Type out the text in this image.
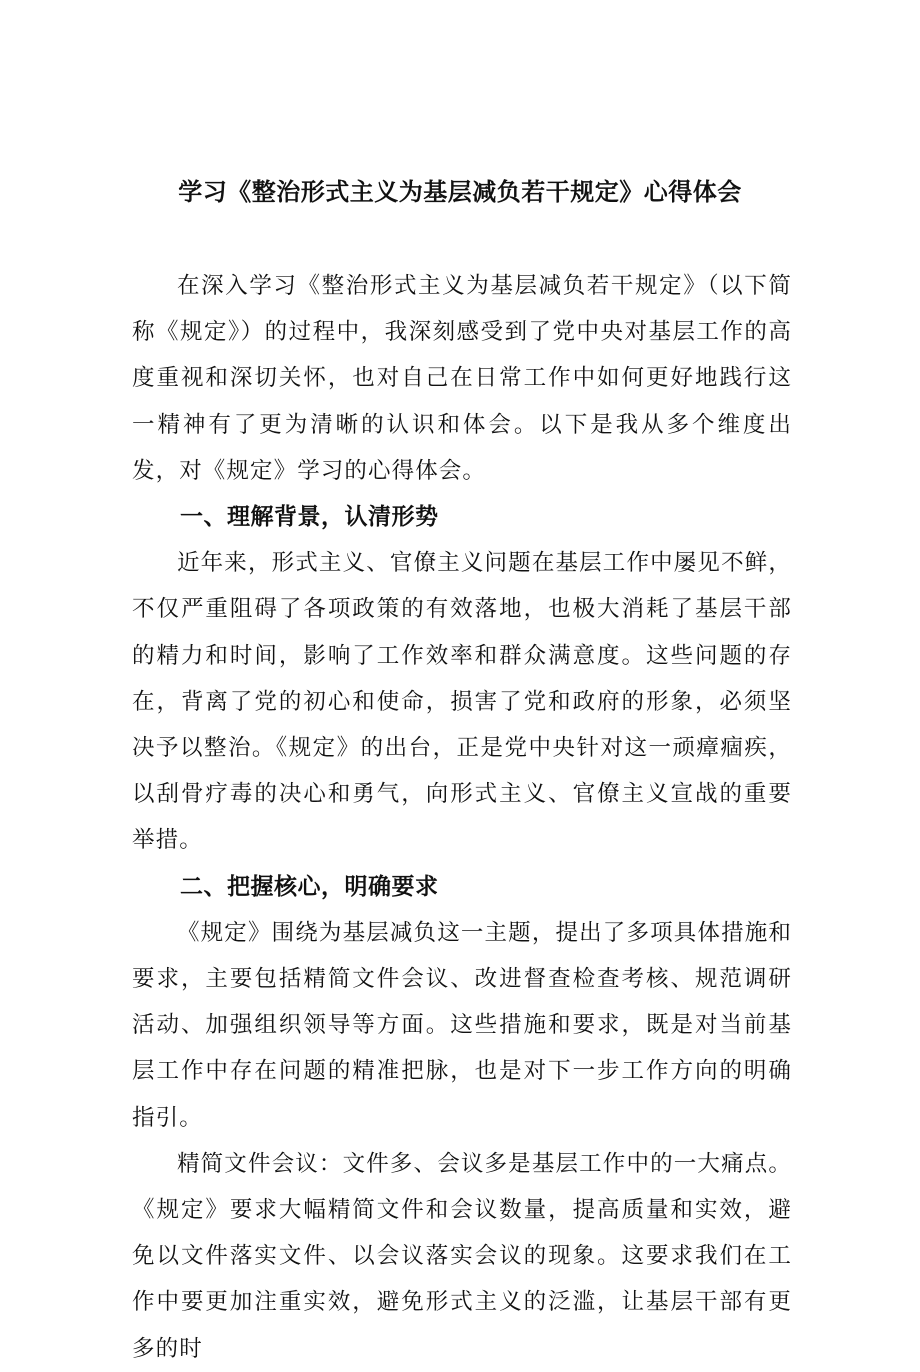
学习《整治形式主义为基层减负若干规定》心得体会

在深入学习《整治形式主义为基层减负若干规定》（以下简称《规定》）的过程中，我深刻感受到了党中央对基层工作的高度重视和深切关怀，也对自己在日常工作中如何更好地践行这一精神有了更为清晰的认识和体会。以下是我从多个维度出发，对《规定》学习的心得体会。

一、理解背景，认清形势

近年来，形式主义、官僚主义问题在基层工作中屡见不鲜，不仅严重阻碍了各项政策的有效落地，也极大消耗了基层干部的精力和时间，影响了工作效率和群众满意度。这些问题的存在，背离了党的初心和使命，损害了党和政府的形象，必须坚决予以整治。《规定》的出台，正是党中央针对这一顽瘴痼疾，以刮骨疗毒的决心和勇气，向形式主义、官僚主义宣战的重要举措。

二、把握核心，明确要求

《规定》围绕为基层减负这一主题，提出了多项具体措施和要求，主要包括精简文件会议、改进督查检查考核、规范调研活动、加强组织领导等方面。这些措施和要求，既是对当前基层工作中存在问题的精准把脉，也是对下一步工作方向的明确指引。

精简文件会议：文件多、会议多是基层工作中的一大痛点。《规定》要求大幅精简文件和会议数量，提高质量和实效，避免以文件落实文件、以会议落实会议的现象。这要求我们在工作中要更加注重实效，避免形式主义的泛滥，让基层干部有更多的时
